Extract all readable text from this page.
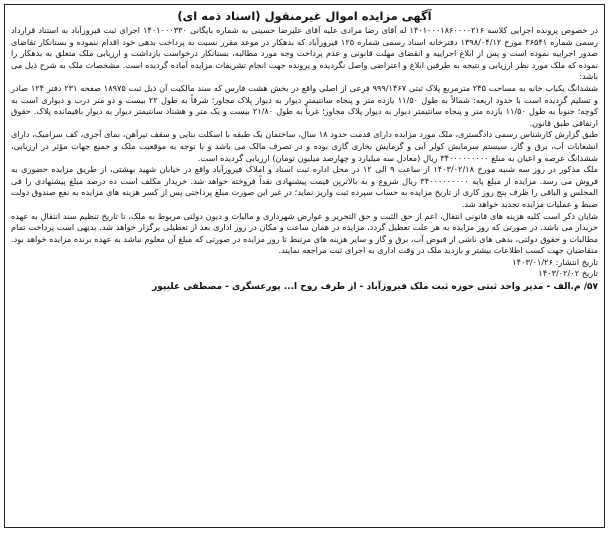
آگهی مزایده اموال غیرمنقول (اسناد ذمه ای)

در خصوص پرونده اجرایی کلاسه ۱۴۰۱۰۰۰۱۸۶۰۰۰۰۲۱۶ له آقای رضا مرادی علیه آقای علیرضا حسینی به شماره بایگانی ۱۴۰۱۰۰۰۳۳۰ اجرای ثبت فیروزآباد به استناد قرارداد رسمی شماره ۳۶۵۴۱ مورخ ۱۳۹۸/۰۴/۱۲ دفترخانه اسناد رسمی شماره ۱۲۵ فیروزآباد که بدهکار در موعد مقرر نسبت به پرداخت بدهی خود اقدام ننموده و بستانکار تقاضای صدور اجراییه نموده است و پس از ابلاغ اجراییه و انقضای مهلت قانونی و عدم پرداخت وجه مورد مطالبه، بستانکار درخواست بازداشت و ارزیابی ملک متعلق به بدهکار را نموده که ملک مورد نظر ارزیابی و نتیجه به طرفین ابلاغ و اعتراضی واصل نگردیده و پرونده جهت انجام تشریفات مزایده آماده گردیده است. مشخصات ملک به شرح ذیل می باشد:

ششدانگ یکباب خانه به مساحت ۲۴۵ مترمربع پلاک ثبتی ۹۹۹/۱۴۶۷ فرعی از اصلی واقع در بخش هشت فارس که سند مالکیت آن ذیل ثبت ۱۸۹۷۵ صفحه ۲۳۱ دفتر ۱۲۴ صادر و تسلیم گردیده است با حدود اربعه: شمالاً به طول ۱۱/۵۰ یازده متر و پنجاه سانتیمتر دیوار به دیوار پلاک مجاور؛ شرقاً به طول ۲۲ بیست و دو متر درب و دیواری است به کوچه؛ جنوباً به طول ۱۱/۵۰ یازده متر و پنجاه سانتیمتر دیوار به دیوار پلاک مجاور؛ غرباً به طول ۲۱/۸۰ بیست و یک متر و هشتاد سانتیمتر دیوار به دیوار باقیمانده پلاک. حقوق ارتفاقی طبق قانون.

طبق گزارش کارشناس رسمی دادگستری، ملک مورد مزایده دارای قدمت حدود ۱۸ سال، ساختمان یک طبقه با اسکلت بنایی و سقف تیرآهن، نمای آجری، کف سرامیک، دارای انشعابات آب، برق و گاز، سیستم سرمایش کولر آبی و گرمایش بخاری گازی بوده و در تصرف مالک می باشد و با توجه به موقعیت ملک و جمیع جهات مؤثر در ارزیابی، ششدانگ عرصه و اعیان به مبلغ ۳۴۰۰۰۰۰۰۰۰۰ ریال (معادل سه میلیارد و چهارصد میلیون تومان) ارزیابی گردیده است.

ملک مذکور در روز سه شنبه مورخ ۱۴۰۳/۰۲/۱۸ از ساعت ۹ الی ۱۲ در محل اداره ثبت اسناد و املاک فیروزآباد واقع در خیابان شهید بهشتی، از طریق مزایده حضوری به فروش می رسد. مزایده از مبلغ پایه ۳۴۰۰۰۰۰۰۰۰۰ ریال شروع و به بالاترین قیمت پیشنهادی نقداً فروخته خواهد شد. خریدار مکلف است ده درصد مبلغ پیشنهادی را فی المجلس و الباقی را ظرف پنج روز کاری از تاریخ مزایده به حساب سپرده ثبت واریز نماید؛ در غیر این صورت مبلغ پرداختی پس از کسر هزینه های مزایده به نفع صندوق دولت ضبط و عملیات مزایده تجدید خواهد شد.

شایان ذکر است کلیه هزینه های قانونی انتقال، اعم از حق الثبت و حق التحریر و عوارض شهرداری و مالیات و دیون دولتی مربوط به ملک، تا تاریخ تنظیم سند انتقال به عهده خریدار می باشد. در صورتی که روز مزایده به هر علت تعطیل گردد، مزایده در همان ساعت و مکان در روز اداری بعد از تعطیلی برگزار خواهد شد. بدیهی است پرداخت تمام مطالبات و حقوق دولتی، بدهی های ناشی از قبوض آب، برق و گاز و سایر هزینه های مرتبط تا روز مزایده در صورتی که مبلغ آن معلوم نباشد به عهده برنده مزایده خواهد بود. متقاضیان جهت کسب اطلاعات بیشتر و بازدید ملک در وقت اداری به اجرای ثبت مراجعه نمایند.

تاریخ انتشار: ۱۴۰۳/۰۱/۲۶

تاریخ ۱۴۰۳/۰۲/۰۲

۵۷/ م.الف - مدیر واحد ثبتی حوزه ثبت ملک فیروزآباد - از طرف روح ا... پورعسگری - مصطفی علیپور
